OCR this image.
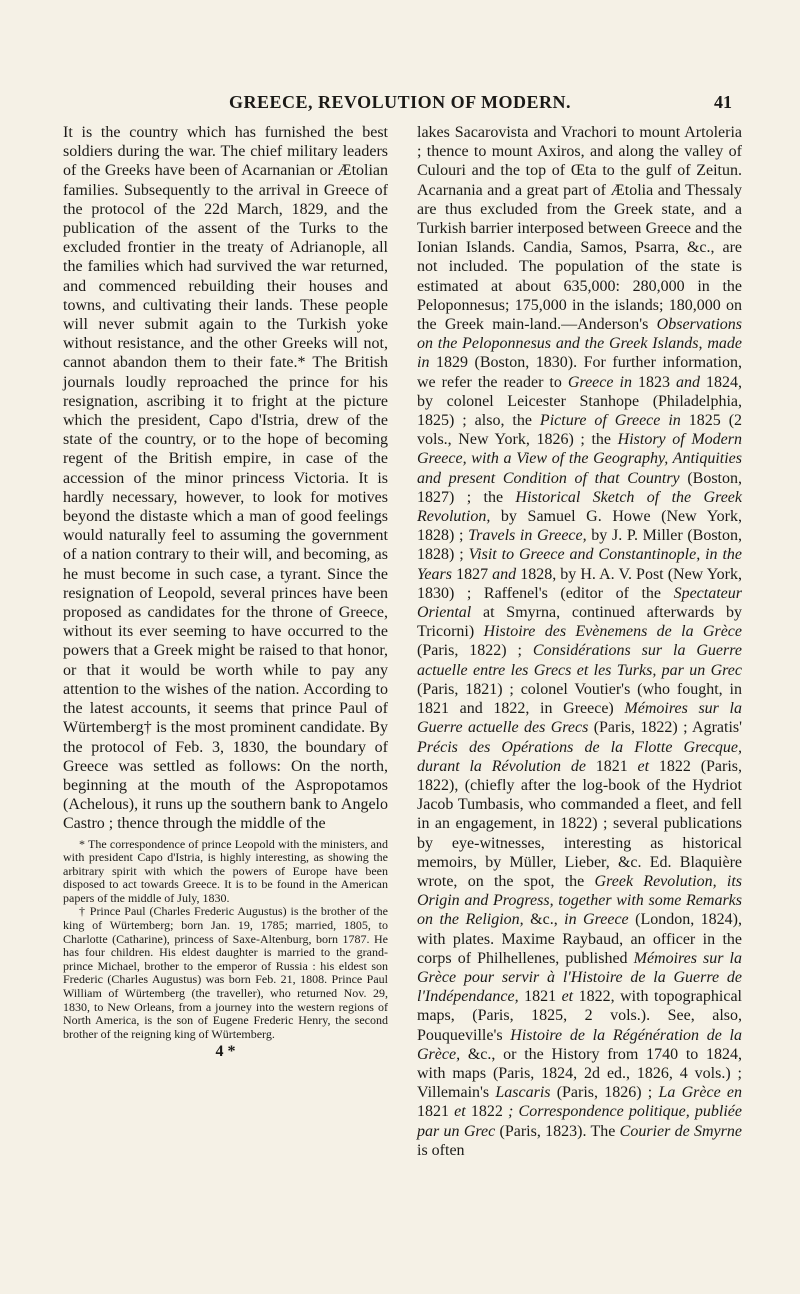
GREECE, REVOLUTION OF MODERN.	41

It is the country which has furnished the best soldiers during the war. The chief military leaders of the Greeks have been of Acarnanian or Ætolian families. Subsequently to the arrival in Greece of the protocol of the 22d March, 1829, and the publication of the assent of the Turks to the excluded frontier in the treaty of Adrianople, all the families which had survived the war returned, and commenced rebuilding their houses and towns, and cultivating their lands. These people will never submit again to the Turkish yoke without resistance, and the other Greeks will not, cannot abandon them to their fate.* The British journals loudly reproached the prince for his resignation, ascribing it to fright at the picture which the president, Capo d'Istria, drew of the state of the country, or to the hope of becoming regent of the British empire, in case of the accession of the minor princess Victoria. It is hardly necessary, however, to look for motives beyond the distaste which a man of good feelings would naturally feel to assuming the government of a nation contrary to their will, and becoming, as he must become in such case, a tyrant. Since the resignation of Leopold, several princes have been proposed as candidates for the throne of Greece, without its ever seeming to have occurred to the powers that a Greek might be raised to that honor, or that it would be worth while to pay any attention to the wishes of the nation. According to the latest accounts, it seems that prince Paul of Würtemberg† is the most prominent candidate. By the protocol of Feb. 3, 1830, the boundary of Greece was settled as follows: On the north, beginning at the mouth of the Aspropotamos (Achelous), it runs up the southern bank to Angelo Castro ; thence through the middle of the

* The correspondence of prince Leopold with the ministers, and with president Capo d'Istria, is highly interesting, as showing the arbitrary spirit with which the powers of Europe have been disposed to act towards Greece. It is to be found in the American papers of the middle of July, 1830.

† Prince Paul (Charles Frederic Augustus) is the brother of the king of Würtemberg; born Jan. 19, 1785; married, 1805, to Charlotte (Catharine), princess of Saxe-Altenburg, born 1787. He has four children. His eldest daughter is married to the grand-prince Michael, brother to the emperor of Russia : his eldest son Frederic (Charles Augustus) was born Feb. 21, 1808. Prince Paul William of Würtemberg (the traveller), who returned Nov. 29, 1830, to New Orleans, from a journey into the western regions of North America, is the son of Eugene Frederic Henry, the second brother of the reigning king of Würtemberg.

4 *

lakes Sacarovista and Vrachori to mount Artoleria ; thence to mount Axiros, and along the valley of Culouri and the top of Œta to the gulf of Zeitun. Acarnania and a great part of Ætolia and Thessaly are thus excluded from the Greek state, and a Turkish barrier interposed between Greece and the Ionian Islands. Candia, Samos, Psarra, &c., are not included. The population of the state is estimated at about 635,000: 280,000 in the Peloponnesus; 175,000 in the islands; 180,000 on the Greek main-land.—Anderson's Observations on the Peloponnesus and the Greek Islands, made in 1829 (Boston, 1830). For further information, we refer the reader to Greece in 1823 and 1824, by colonel Leicester Stanhope (Philadelphia, 1825) ; also, the Picture of Greece in 1825 (2 vols., New York, 1826) ; the History of Modern Greece, with a View of the Geography, Antiquities and present Condition of that Country (Boston, 1827) ; the Historical Sketch of the Greek Revolution, by Samuel G. Howe (New York, 1828) ; Travels in Greece, by J. P. Miller (Boston, 1828) ; Visit to Greece and Constantinople, in the Years 1827 and 1828, by H. A. V. Post (New York, 1830) ; Raffenel's (editor of the Spectateur Oriental at Smyrna, continued afterwards by Tricorni) Histoire des Evènemens de la Grèce (Paris, 1822) ; Considérations sur la Guerre actuelle entre les Grecs et les Turks, par un Grec (Paris, 1821) ; colonel Voutier's (who fought, in 1821 and 1822, in Greece) Mémoires sur la Guerre actuelle des Grecs (Paris, 1822) ; Agratis' Précis des Opérations de la Flotte Grecque, durant la Révolution de 1821 et 1822 (Paris, 1822), (chiefly after the log-book of the Hydriot Jacob Tumbasis, who commanded a fleet, and fell in an engagement, in 1822) ; several publications by eye-witnesses, interesting as historical memoirs, by Müller, Lieber, &c. Ed. Blaquière wrote, on the spot, the Greek Revolution, its Origin and Progress, together with some Remarks on the Religion, &c., in Greece (London, 1824), with plates. Maxime Raybaud, an officer in the corps of Philhellenes, published Mémoires sur la Grèce pour servir à l'Histoire de la Guerre de l'Indépendance, 1821 et 1822, with topographical maps, (Paris, 1825, 2 vols.). See, also, Pouqueville's Histoire de la Régénération de la Grèce, &c., or the History from 1740 to 1824, with maps (Paris, 1824, 2d ed., 1826, 4 vols.) ; Villemain's Lascaris (Paris, 1826) ; La Grèce en 1821 et 1822 ; Correspondence politique, publiée par un Grec (Paris, 1823). The Courier de Smyrne is often
